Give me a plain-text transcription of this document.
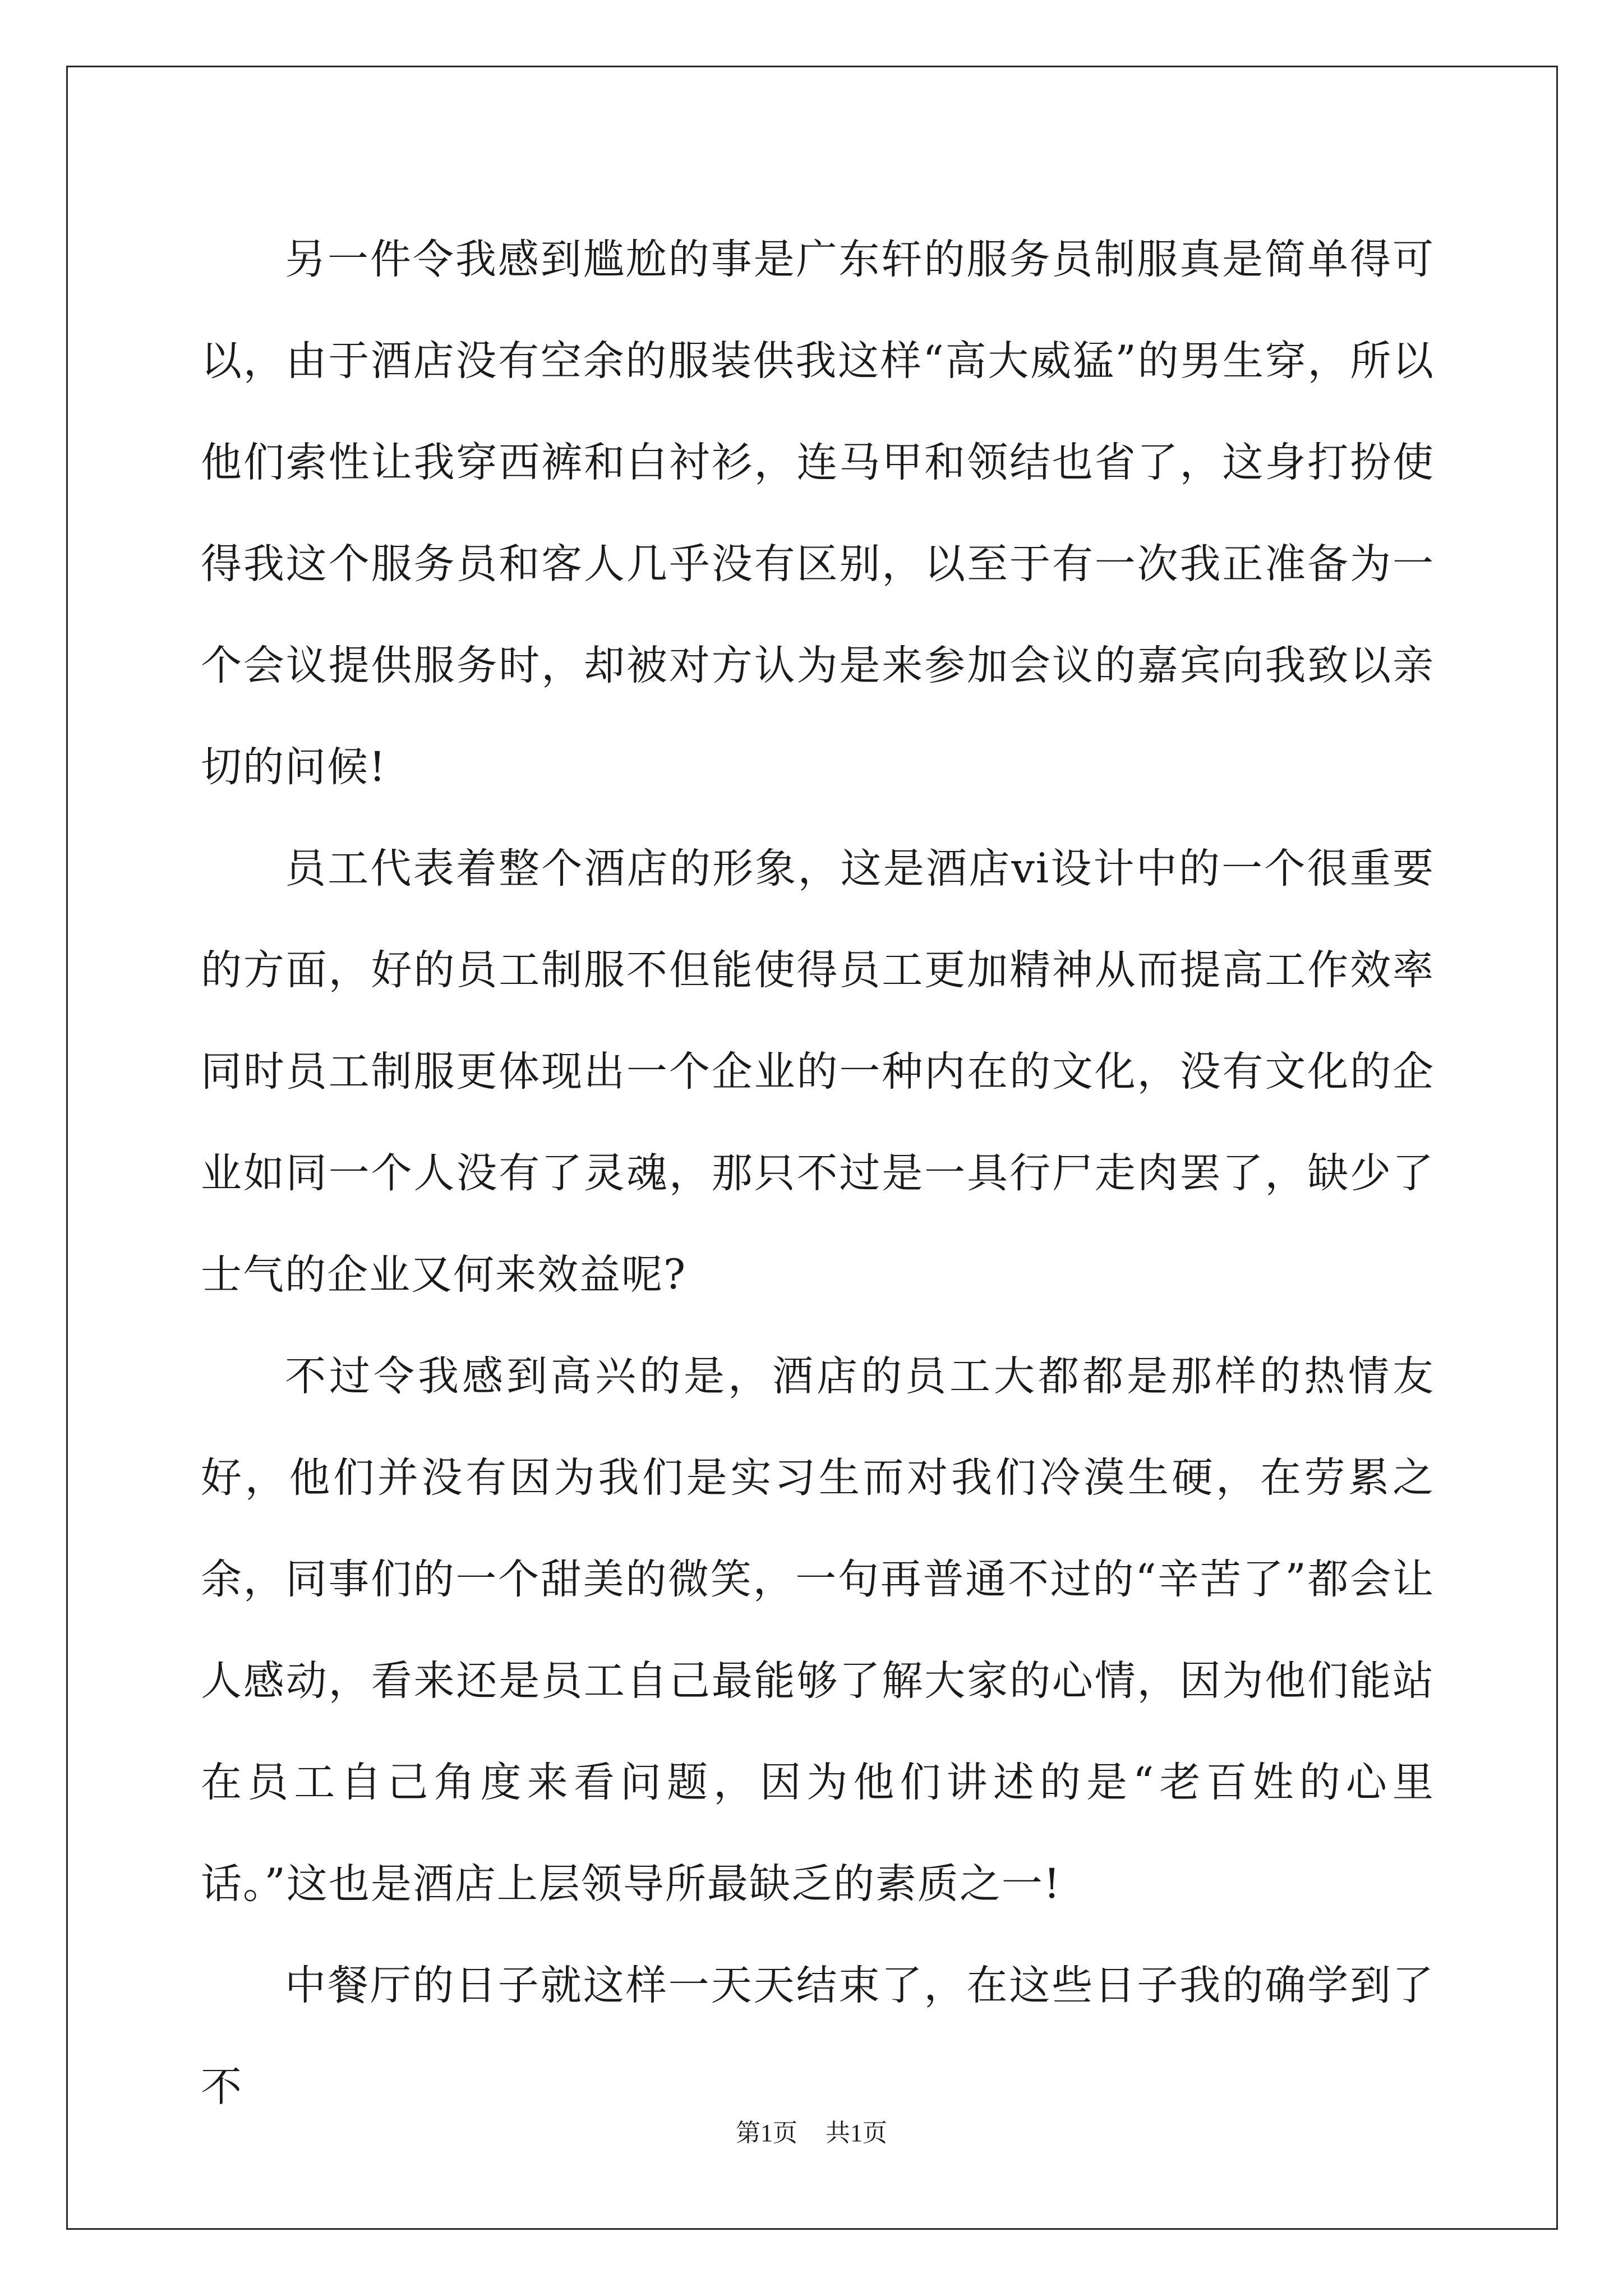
另一件令我感到尴尬的事是广东轩的服务员制服真是简单得可以，由于酒店没有空余的服装供我这样“高大威猛”的男生穿，所以他们索性让我穿西裤和白衬衫，连马甲和领结也省了，这身打扮使得我这个服务员和客人几乎没有区别，以至于有一次我正准备为一个会议提供服务时，却被对方认为是来参加会议的嘉宾向我致以亲切的问候!

员工代表着整个酒店的形象，这是酒店vi设计中的一个很重要的方面，好的员工制服不但能使得员工更加精神从而提高工作效率同时员工制服更体现出一个企业的一种内在的文化，没有文化的企业如同一个人没有了灵魂，那只不过是一具行尸走肉罢了，缺少了士气的企业又何来效益呢?

不过令我感到高兴的是，酒店的员工大都都是那样的热情友好，他们并没有因为我们是实习生而对我们冷漠生硬，在劳累之余，同事们的一个甜美的微笑，一句再普通不过的“辛苦了”都会让人感动，看来还是员工自己最能够了解大家的心情，因为他们能站在员工自己角度来看问题，因为他们讲述的是“老百姓的心里话。”这也是酒店上层领导所最缺乏的素质之一!

中餐厅的日子就这样一天天结束了，在这些日子我的确学到了不

第1页 共1页
